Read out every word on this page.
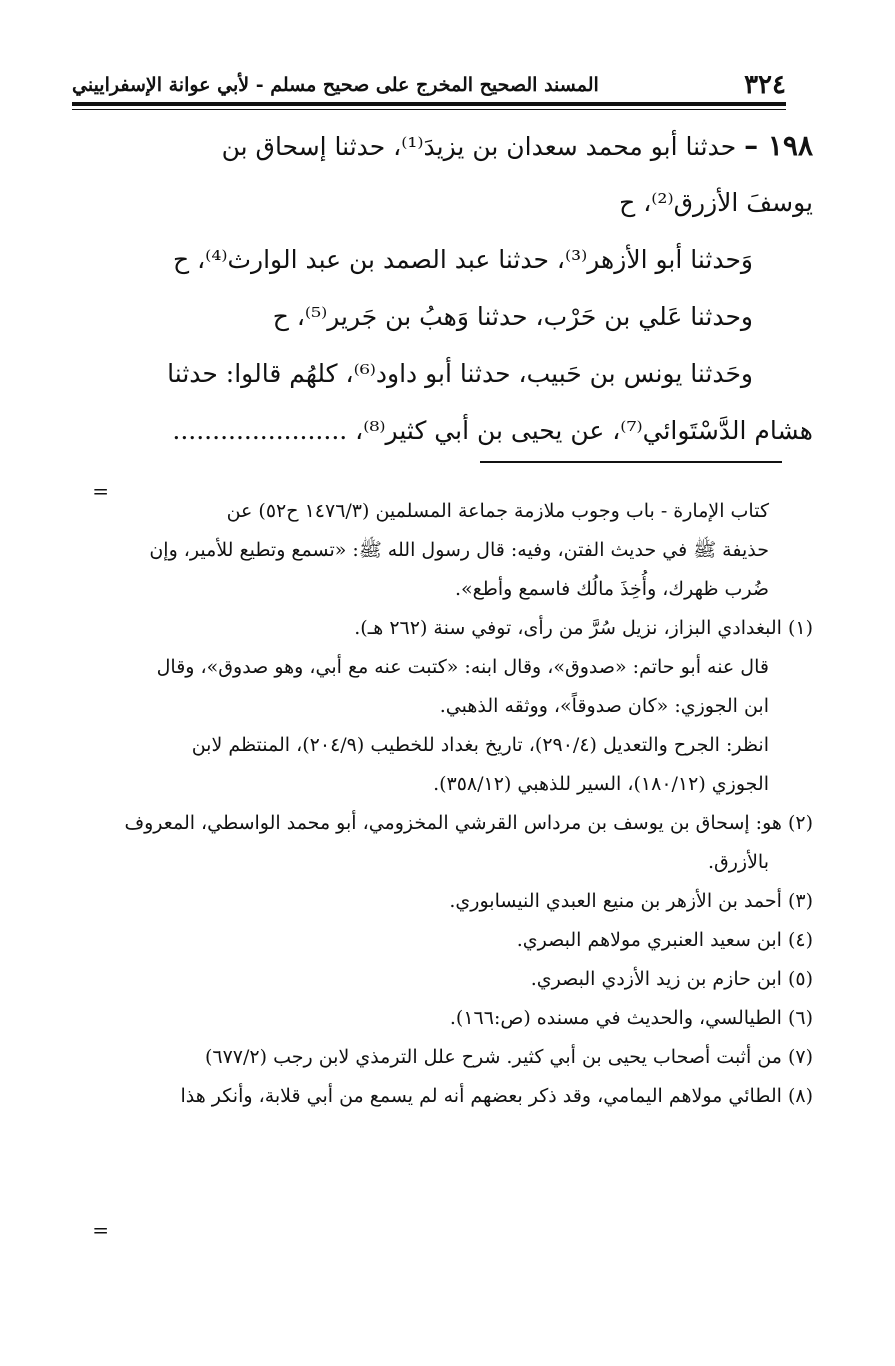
٣٢٤
المسند الصحيح المخرج على صحيح مسلم - لأبي عوانة الإسفراييني
١٩٨ – حدثنا أبو محمد سعدان بن يزيدَ⁽¹⁾، حدثنا إسحاق بن
يوسفَ الأزرق⁽²⁾، ح
وَحدثنا أبو الأزهر⁽³⁾، حدثنا عبد الصمد بن عبد الوارث⁽⁴⁾، ح
وحدثنا عَلي بن حَرْب، حدثنا وَهبُ بن جَرير⁽⁵⁾، ح
وحَدثنا يونس بن حَبيب، حدثنا أبو داود⁽⁶⁾، كلهُم قالوا: حدثنا
هشام الدَّسْتَوائي⁽⁷⁾، عن يحيى بن أبي كثير⁽⁸⁾، ......................
=
كتاب الإمارة - باب وجوب ملازمة جماعة المسلمين (١٤٧٦/٣ ح٥٢) عن
حذيفة ﷺ في حديث الفتن، وفيه: قال رسول الله ﷺ: «تسمع وتطيع للأمير، وإن
ضُرب ظهرك، وأُخِذَ مالُك فاسمع وأطع».
(١)البغدادي البزاز، نزيل سُرَّ من رأى، توفي سنة (٢٦٢ هـ).
قال عنه أبو حاتم: «صدوق»، وقال ابنه: «كتبت عنه مع أبي، وهو صدوق»، وقال
ابن الجوزي: «كان صدوقاً»، ووثقه الذهبي.
انظر: الجرح والتعديل (٢٩٠/٤)، تاريخ بغداد للخطيب (٢٠٤/٩)، المنتظم لابن
الجوزي (١٨٠/١٢)، السير للذهبي (٣٥٨/١٢).
(٢)هو: إسحاق بن يوسف بن مرداس القرشي المخزومي، أبو محمد الواسطي، المعروف
بالأزرق.
(٣)أحمد بن الأزهر بن منيع العبدي النيسابوري.
(٤)ابن سعيد العنبري مولاهم البصري.
(٥)ابن حازم بن زيد الأزدي البصري.
(٦)الطيالسي، والحديث في مسنده (ص:١٦٦).
(٧)من أثبت أصحاب يحيى بن أبي كثير. شرح علل الترمذي لابن رجب (٦٧٧/٢)
(٨)الطائي مولاهم اليمامي، وقد ذكر بعضهم أنه لم يسمع من أبي قلابة، وأنكر هذا
=
